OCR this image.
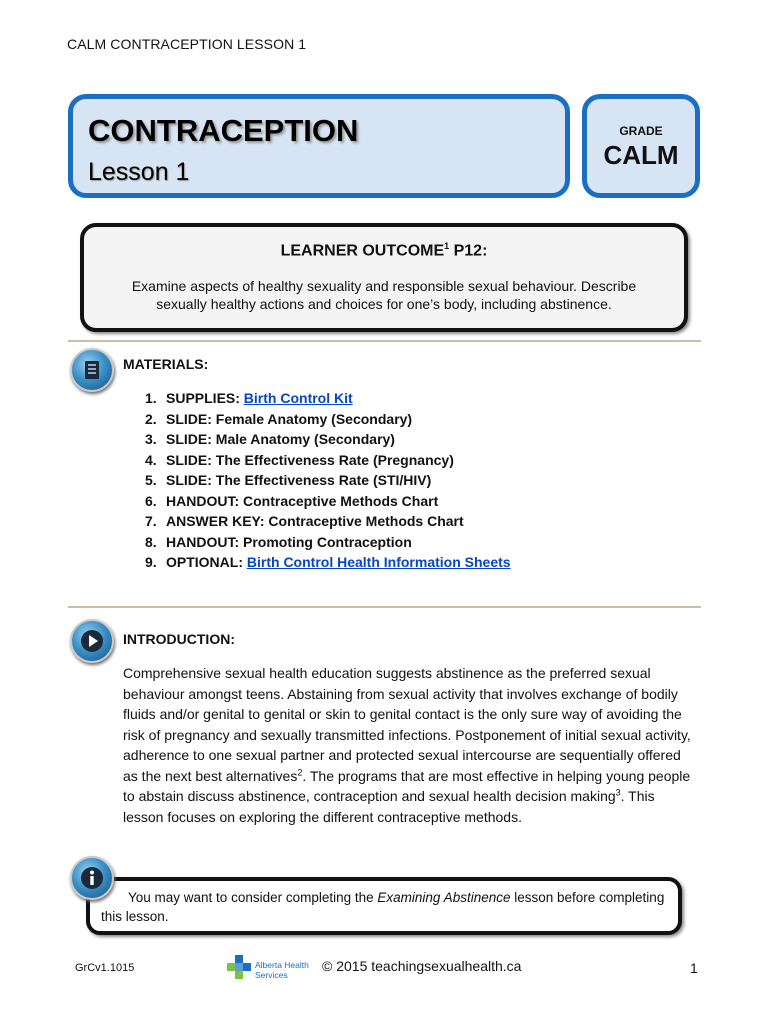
CALM CONTRACEPTION LESSON 1
CONTRACEPTION
Lesson 1
GRADE
CALM
LEARNER OUTCOME$^1$ P12:
Examine aspects of healthy sexuality and responsible sexual behaviour. Describe sexually healthy actions and choices for one’s body, including abstinence.
MATERIALS:
1. SUPPLIES: Birth Control Kit
2. SLIDE: Female Anatomy (Secondary)
3. SLIDE: Male Anatomy (Secondary)
4. SLIDE: The Effectiveness Rate (Pregnancy)
5. SLIDE: The Effectiveness Rate (STI/HIV)
6. HANDOUT: Contraceptive Methods Chart
7. ANSWER KEY: Contraceptive Methods Chart
8. HANDOUT: Promoting Contraception
9. OPTIONAL: Birth Control Health Information Sheets
INTRODUCTION:
Comprehensive sexual health education suggests abstinence as the preferred sexual behaviour amongst teens. Abstaining from sexual activity that involves exchange of bodily fluids and/or genital to genital or skin to genital contact is the only sure way of avoiding the risk of pregnancy and sexually transmitted infections. Postponement of initial sexual activity, adherence to one sexual partner and protected sexual intercourse are sequentially offered as the next best alternatives$^2$. The programs that are most effective in helping young people to abstain discuss abstinence, contraception and sexual health decision making$^3$. This lesson focuses on exploring the different contraceptive methods.
  You may want to consider completing the Examining Abstinence lesson before completing this lesson.
GrCv1.1015	Alberta Health
Services
© 2015 teachingsexualhealth.ca	1
